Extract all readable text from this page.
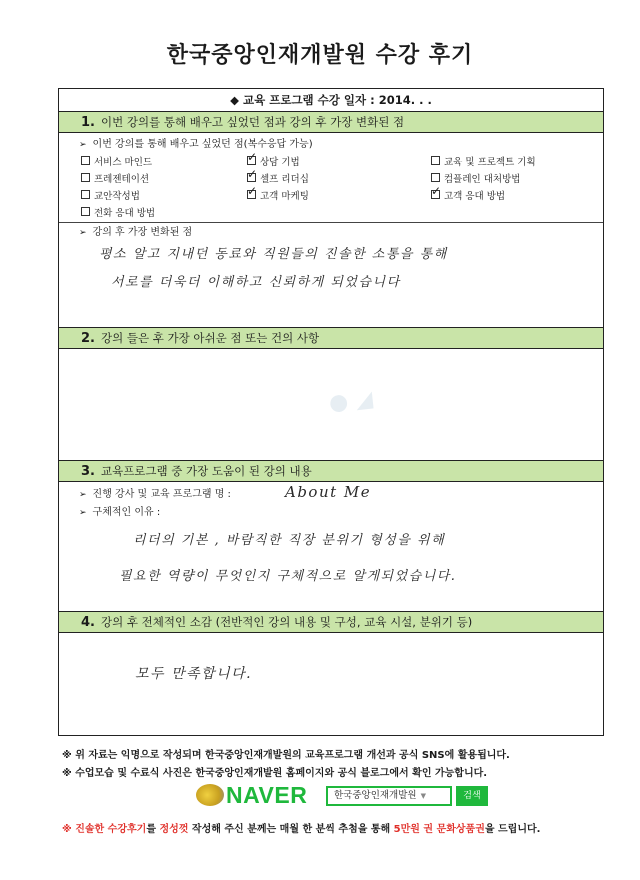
한국중앙인재개발원 수강 후기
◆ 교육 프로그램 수강 일자 : 2014. . .
1. 이번 강의를 통해 배우고 싶었던 점과 강의 후 가장 변화된 점
➢ 이번 강의를 통해 배우고 싶었던 점(복수응답 가능)
서비스 마인드 ✓	상담 기법	교육 및 프로젝트 기획
프레젠테이션 ✓	셀프 리더십	컴플레인 대처방법
교안작성법 ✓	고객 마케팅 ✓	고객 응대 방법
전화 응대 방법
➢ 강의 후 가장 변화된 점
● ◢
평소 알고 지내던 동료와 직원들의 진솔한 소통을 통해
서로를 더욱더 이해하고 신뢰하게 되었습니다
2. 강의 들은 후 가장 아쉬운 점 또는 건의 사항
3. 교육프로그램 중 가장 도움이 된 강의 내용
➢ 진행 강사 및 교육 프로그램 명 :	About Me
➢ 구체적인 이유 :
리더의 기본 , 바람직한 직장 분위기 형성을 위해
필요한 역량이 무엇인지 구체적으로 알게되었습니다.
4. 강의 후 전체적인 소감 (전반적인 강의 내용 및 구성, 교육 시설, 분위기 등)
모두 만족합니다.
※ 위 자료는 익명으로 작성되며 한국중앙인재개발원의 교육프로그램 개선과 공식 SNS에 활용됩니다.
※ 수업모습 및 수료식 사진은 한국중앙인재개발원 홈페이지와 공식 블로그에서 확인 가능합니다.
NAVER	한국중앙인재개발원 ▼	검색
※ 진솔한 수강후기를 정성껏 작성해 주신 분께는 매월 한 분씩 추첨을 통해 5만원 권 문화상품권을 드립니다.
